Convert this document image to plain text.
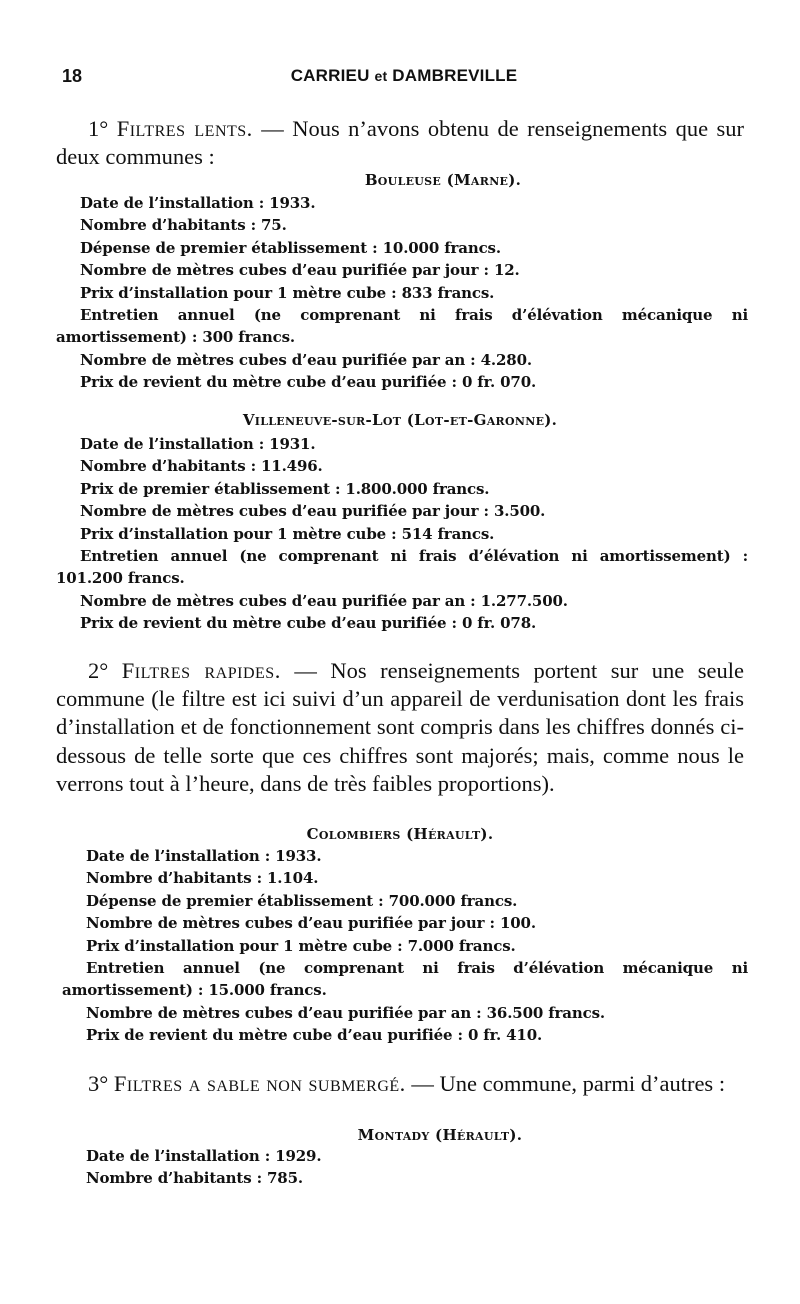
18	CARRIEU et DAMBREVILLE
1° Filtres lents. — Nous n’avons obtenu de renseignements que sur deux communes :
Bouleuse (Marne).
Date de l’installation : 1933.
Nombre d’habitants : 75.
Dépense de premier établissement : 10.000 francs.
Nombre de mètres cubes d’eau purifiée par jour : 12.
Prix d’installation pour 1 mètre cube : 833 francs.
Entretien annuel (ne comprenant ni frais d’élévation mécanique ni amortissement) : 300 francs.
Nombre de mètres cubes d’eau purifiée par an : 4.280.
Prix de revient du mètre cube d’eau purifiée : 0 fr. 070.
Villeneuve-sur-Lot (Lot-et-Garonne).
Date de l’installation : 1931.
Nombre d’habitants : 11.496.
Prix de premier établissement : 1.800.000 francs.
Nombre de mètres cubes d’eau purifiée par jour : 3.500.
Prix d’installation pour 1 mètre cube : 514 francs.
Entretien annuel (ne comprenant ni frais d’élévation ni amortissement) : 101.200 francs.
Nombre de mètres cubes d’eau purifiée par an : 1.277.500.
Prix de revient du mètre cube d’eau purifiée : 0 fr. 078.
2° Filtres rapides. — Nos renseignements portent sur une seule commune (le filtre est ici suivi d’un appareil de verdunisation dont les frais d’installation et de fonctionnement sont compris dans les chiffres donnés ci-dessous de telle sorte que ces chiffres sont majorés; mais, comme nous le verrons tout à l’heure, dans de très faibles proportions).
Colombiers (Hérault).
Date de l’installation : 1933.
Nombre d’habitants : 1.104.
Dépense de premier établissement : 700.000 francs.
Nombre de mètres cubes d’eau purifiée par jour : 100.
Prix d’installation pour 1 mètre cube : 7.000 francs.
Entretien annuel (ne comprenant ni frais d’élévation mécanique ni amortissement) : 15.000 francs.
Nombre de mètres cubes d’eau purifiée par an : 36.500 francs.
Prix de revient du mètre cube d’eau purifiée : 0 fr. 410.
3° Filtres a sable non submergé. — Une commune, parmi d’autres :
Montady (Hérault).
Date de l’installation : 1929.
Nombre d’habitants : 785.
